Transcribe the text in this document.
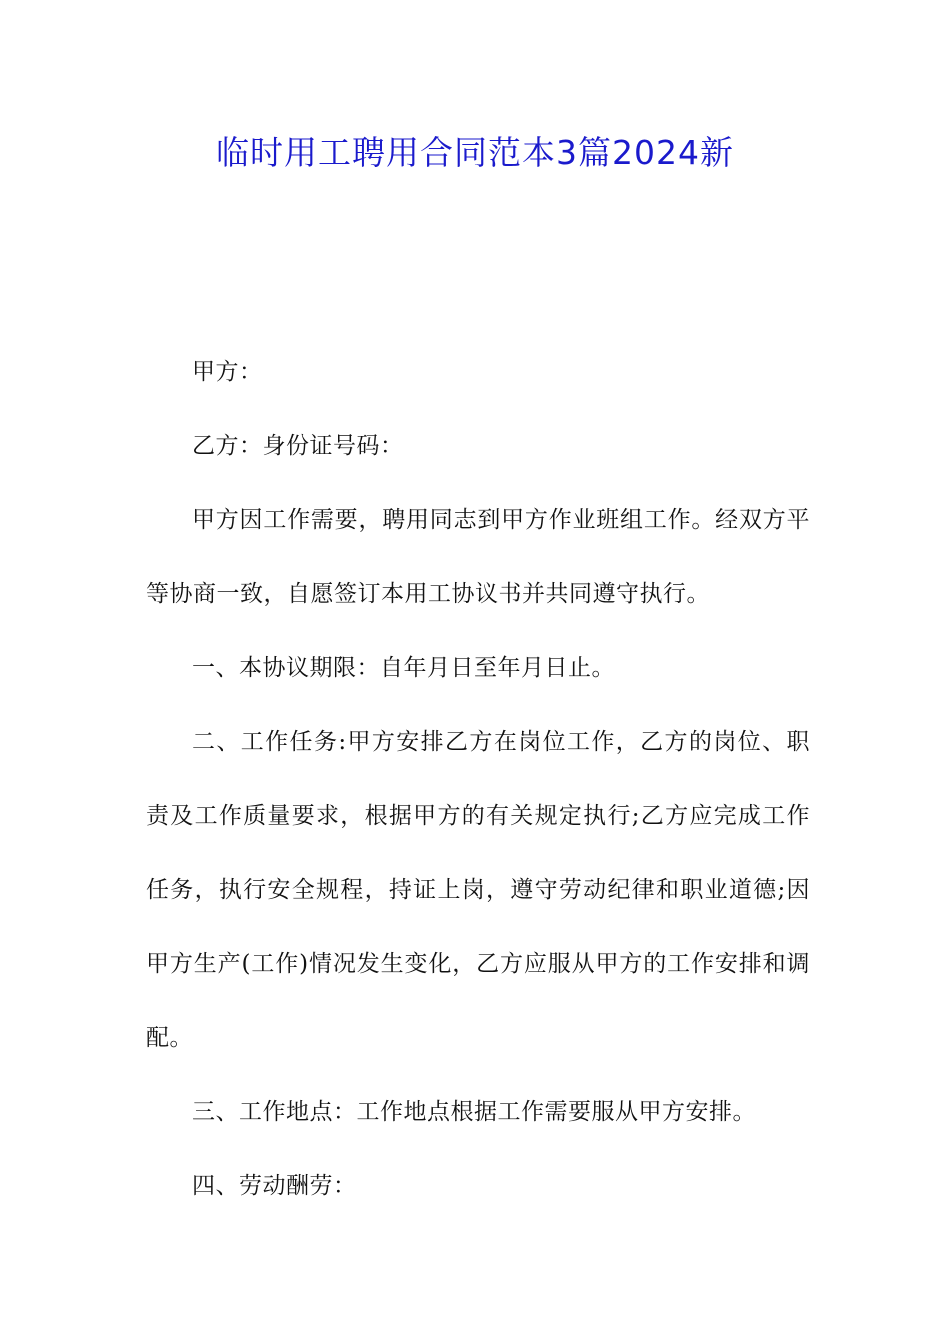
临时用工聘用合同范本3篇2024新

甲方：

乙方：身份证号码：

甲方因工作需要，聘用同志到甲方作业班组工作。经双方平等协商一致，自愿签订本用工协议书并共同遵守执行。

一、本协议期限：自年月日至年月日止。

二、工作任务:甲方安排乙方在岗位工作，乙方的岗位、职责及工作质量要求，根据甲方的有关规定执行;乙方应完成工作任务，执行安全规程，持证上岗，遵守劳动纪律和职业道德;因甲方生产(工作)情况发生变化，乙方应服从甲方的工作安排和调配。

三、工作地点：工作地点根据工作需要服从甲方安排。

四、劳动酬劳：
